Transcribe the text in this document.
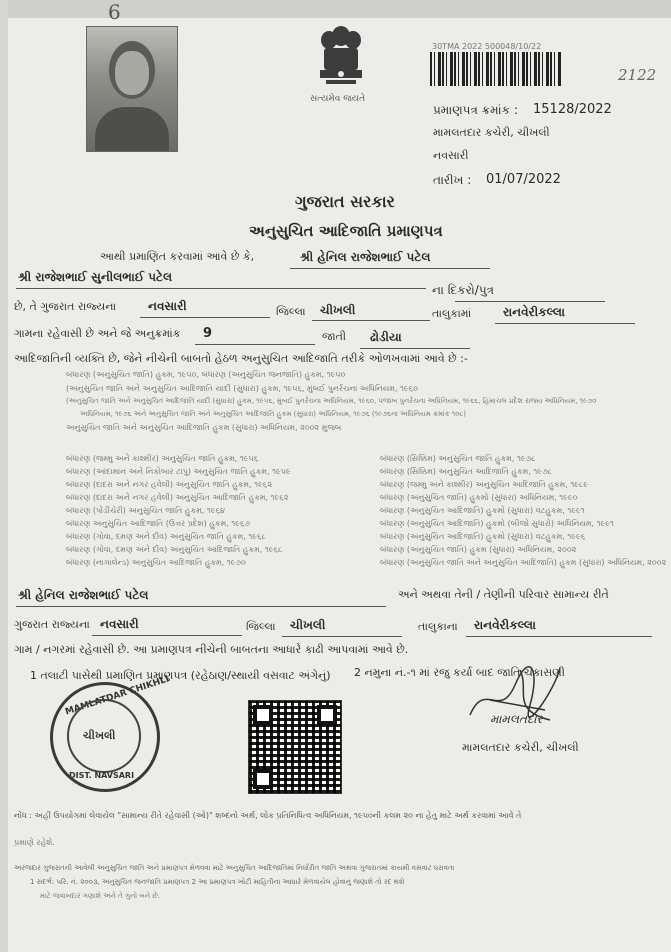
6
સત્યમેવ જયતે
30TMA 2022 500048/10/22
2122
પ્રમાણપત્ર ક્રમાંક : 15128/2022
મામલતદાર કચેરી, ચીખલી
નવસારી
તારીખ : 01/07/2022
ગુજરાત સરકાર
અનુસુચિત આદિજાતિ પ્રમાણપત્ર
આથી પ્રમાણિત કરવામાં આવે છે કે,	શ્રી હેનિલ રાજેશભાઈ પટેલ
શ્રી રાજેશભાઈ સુનીલભાઈ પટેલ
ના દિકરો/પુત્ર
છે, તે ગુજરાત રાજ્યના	નવસારી	જિલ્લા ચીખલી	તાલુકામાં	રાનવેરીકલ્લા
ગામના રહેવાસી છે અને જે અનુક્રમાંક 9	જાતી ઢોડીયા
આદિજાતિની વ્યક્તિ છે, જેને નીચેની બાબતો હેઠળ અનુસુચિત આદિજાતિ તરીકે ઓળખવામાં આવે છે :-
બંધારણ (અનુસુચિત જાતિ) હુકમ, ૧૯૫૦, બંધારણ (અનુસુચિત જનજાતિ) હુકમ, ૧૯૫૦
(અનુસુચિત જાતિ અને અનુસુચિત આદિજાતિ યાદી (સુધારા) હુકમ, ૧૯૫૬, મુંબઈ પુનર્રચના અધિનિયમ, ૧૯૬૦
(અનુસુચિત જાતિ અને અનુસુચિત આદિજાતિ યાદી (સુધારા) હુકમ, ૧૯૫૬, મુંબઈ પુનર્રચના અધિનિયમ, ૧૯૬૦, પંજાબ પુનર્રચના અધિનિયમ, ૧૯૬૬, હિમાચલ પ્રદેશ રાજ્ય અધિનિયમ, ૧૯૭૦
અધિનિયમ, ૧૯૭૬ અને અનુસુચિત જાતિ અને અનુસુચિત આદિજાતિ હુકમ (સુધારા) અધિનિયમ, ૧૯૭૬ (૧૯૭૬ના અધિનિયમ ક્રમાંક ૧૦૮)
અનુસુચિત જાતિ અને અનુસુચિત આદિજાતિ હુકમ (સુધારા) અધિનિયમ, ૨૦૦૨ મુજબ
બંધારણ (જમ્મુ અને કાશ્મીર) અનુસુચિત જાતિ હુકમ, ૧૯૫૬
બંધારણ (આંદામાન અને નિકોબાર ટાપુ) અનુસુચિત જાતિ હુકમ, ૧૯૫૯
બંધારણ (દાદરા અને નગર હવેલી) અનુસુચિત જાતિ હુકમ, ૧૯૬૨
બંધારણ (દાદરા અને નગર હવેલી) અનુસુચિત આદિજાતિ હુકમ, ૧૯૬૨
બંધારણ (પોંડીચેરી) અનુસુચિત જાતિ હુકમ, ૧૯૬૪
બંધારણ અનુસુચિત આદિજાતિ (ઉત્તર પ્રદેશ) હુકમ, ૧૯૬૭
બંધારણ (ગોવા, દમણ અને દીવ) અનુસુચિત જાતિ હુકમ, ૧૯૬૮
બંધારણ (ગોવા, દમણ અને દીવ) અનુસુચિત આદિજાતિ હુકમ, ૧૯૬૮
બંધારણ (નાગાલેન્ડ) અનુસુચિત આદિજાતિ હુકમ, ૧૯૭૦
બંધારણ (સિક્કિમ) અનુસુચિત જાતિ હુકમ, ૧૯૭૮
બંધારણ (સિક્કિમ) અનુસુચિત આદિજાતિ હુકમ, ૧૯૭૮
બંધારણ (જમ્મુ અને કાશ્મીર) અનુસુચિત આદિજાતિ હુકમ, ૧૯૮૯
બંધારણ (અનુસુચિત જાતિ) હુકમો (સુધારા) અધિનિયમ, ૧૯૯૦
બંધારણ (અનુસુચિત આદિજાતિ) હુકમો (સુધારા) વટહુકમ, ૧૯૯૧
બંધારણ (અનુસુચિત આદિજાતિ) હુકમો (બીજો સુધારો) અધિનિયમ, ૧૯૯૧
બંધારણ (અનુસુચિત આદિજાતિ) હુકમો (સુધારા) વટહુકમ, ૧૯૯૬
બંધારણ (અનુસુચિત જાતિ) હુકમ (સુધારા) અધિનિયમ, ૨૦૦૨
બંધારણ (અનુસુચિત જાતિ અને અનુસુચિત આદિજાતિ) હુકમ (સુધારા) અધિનિયમ, ૨૦૦૨
શ્રી હેનિલ રાજેશભાઈ પટેલ	અને અથવા તેની / તેણીની પરિવાર સામાન્ય રીતે
ગુજરાત રાજ્યના નવસારી	જિલ્લા ચીખલી	તાલુકાના રાનવેરીકલ્લા
ગામ / નગરમાં રહેવાસી છે. આ પ્રમાણપત્ર નીચેની બાબતના આધારે કાઢી આપવામાં આવે છે.
1 તલાટી પાસેથી પ્રમાણિત પ્રમાણપત્ર (રહેઠાણ/સ્થાયી વસવાટ અંગેનું) 2 નમુના નં.-૧ માં રજુ કર્યા બાદ જાતિ ચકાસણી
MAMLATDAR CHIKHLI
ચીખલી
DIST. NAVSARI
મામલતદાર
મામલતદાર કચેરી, ચીખલી
નોંધ : અહીં ઉપયોગમાં લેવાયેલ "સામાન્ય રીતે રહેવાસી (ઓ)" શબ્દનો અર્થ, લોક પ્રતિનિધિત્વ અધિનિયમ, ૧૯૫૦ની કલમ ૨૦ ના હેતુ માટે અર્થ કરવામાં આવે તે
પ્રમાણે રહેશે.
અરજદાર ગુજરાતની આવેલી અનુસુચિત જાતિ અને પ્રમાણપત્ર મેળવવા માટે અનુસુચિત આદિજાતિમાં નિર્ધારીત જાતિ અથવા ગુજરાતમાં કાયમી વસવાટ ધરાવતા
1 સંદર્ભ: પરિ. નં. ૨૦૦૩, અનુસુચિત જનજાતિ પ્રમાણપત્ર 2 આ પ્રમાણપત્ર ખોટી માહિતીના આધારે મેળવાયેલ હોવાનું જણાશે તો રદ થશે
માટે જવાબદાર ગણાશે અને તે ગુનો બને છે.
